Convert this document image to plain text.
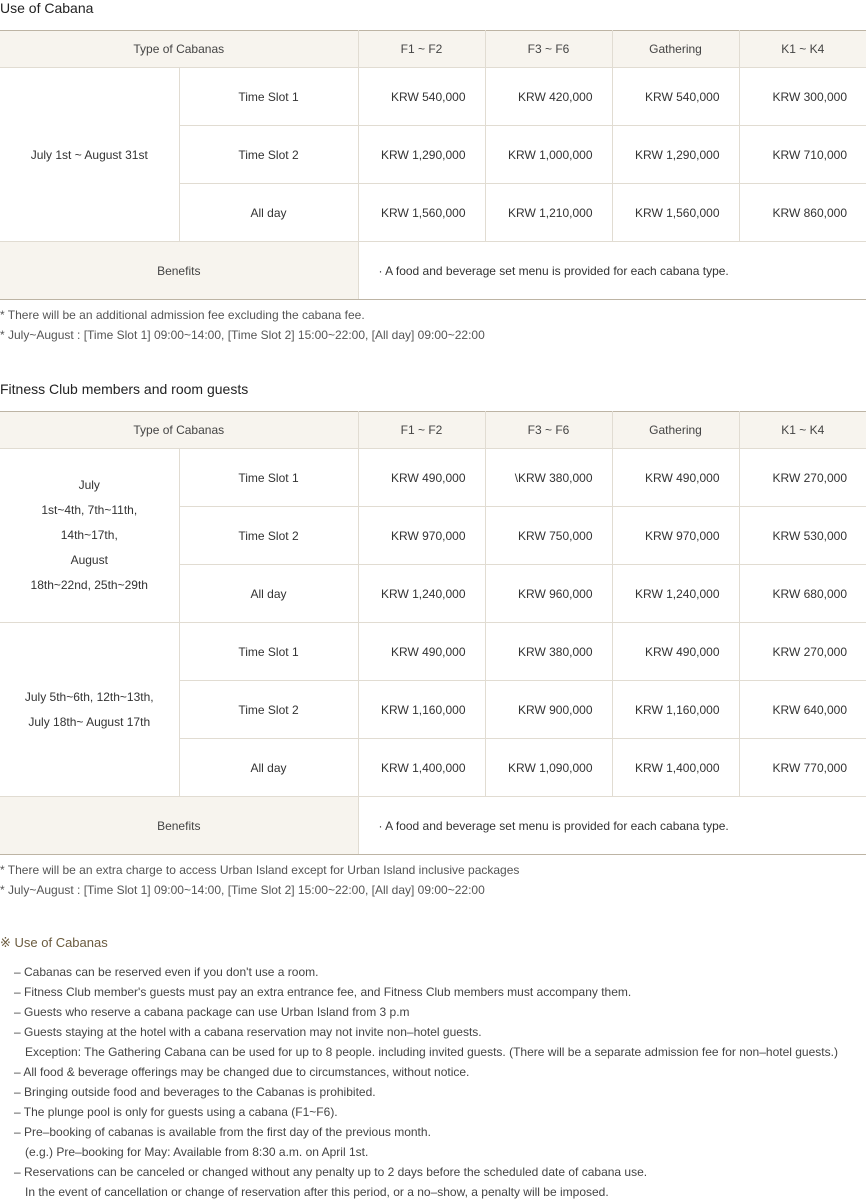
Use of Cabana
Type of Cabanas		F1 ~ F2	F3 ~ F6	Gathering	K1 ~ K4
July 1st ~ August 31st	Time Slot 1	KRW 540,000	KRW 420,000	KRW 540,000	KRW 300,000
	Time Slot 2	KRW 1,290,000	KRW 1,000,000	KRW 1,290,000	KRW 710,000
	All day	KRW 1,560,000	KRW 1,210,000	KRW 1,560,000	KRW 860,000
Benefits		· A food and beverage set menu is provided for each cabana type.			
* There will be an additional admission fee excluding the cabana fee.
* July~August : [Time Slot 1] 09:00~14:00, [Time Slot 2] 15:00~22:00, [All day] 09:00~22:00
Fitness Club members and room guests
Type of Cabanas		F1 ~ F2	F3 ~ F6	Gathering	K1 ~ K4

July
1st~4th, 7th~11th,
14th~17th,
August
18th~22nd, 25th~29th	Time Slot 1	KRW 490,000	\KRW 380,000	KRW 490,000	KRW 270,000
	Time Slot 2	KRW 970,000	KRW 750,000	KRW 970,000	KRW 530,000
	All day	KRW 1,240,000	KRW 960,000	KRW 1,240,000	KRW 680,000

July 5th~6th, 12th~13th,
July 18th~ August 17th	Time Slot 1	KRW 490,000	KRW 380,000	KRW 490,000	KRW 270,000
	Time Slot 2	KRW 1,160,000	KRW 900,000	KRW 1,160,000	KRW 640,000
	All day	KRW 1,400,000	KRW 1,090,000	KRW 1,400,000	KRW 770,000
Benefits		· A food and beverage set menu is provided for each cabana type.			
* There will be an extra charge to access Urban Island except for Urban Island inclusive packages
* July~August : [Time Slot 1] 09:00~14:00, [Time Slot 2] 15:00~22:00, [All day] 09:00~22:00
※ Use of Cabanas
– Cabanas can be reserved even if you don't use a room.
– Fitness Club member's guests must pay an extra entrance fee, and Fitness Club members must accompany them.
– Guests who reserve a cabana package can use Urban Island from 3 p.m
– Guests staying at the hotel with a cabana reservation may not invite non–hotel guests.
Exception: The Gathering Cabana can be used for up to 8 people. including invited guests. (There will be a separate admission fee for non–hotel guests.)
– All food & beverage offerings may be changed due to circumstances, without notice.
– Bringing outside food and beverages to the Cabanas is prohibited.
– The plunge pool is only for guests using a cabana (F1~F6).
– Pre–booking of cabanas is available from the first day of the previous month.
(e.g.) Pre–booking for May: Available from 8:30 a.m. on April 1st.
– Reservations can be canceled or changed without any penalty up to 2 days before the scheduled date of cabana use.
In the event of cancellation or change of reservation after this period, or a no–show, a penalty will be imposed.
